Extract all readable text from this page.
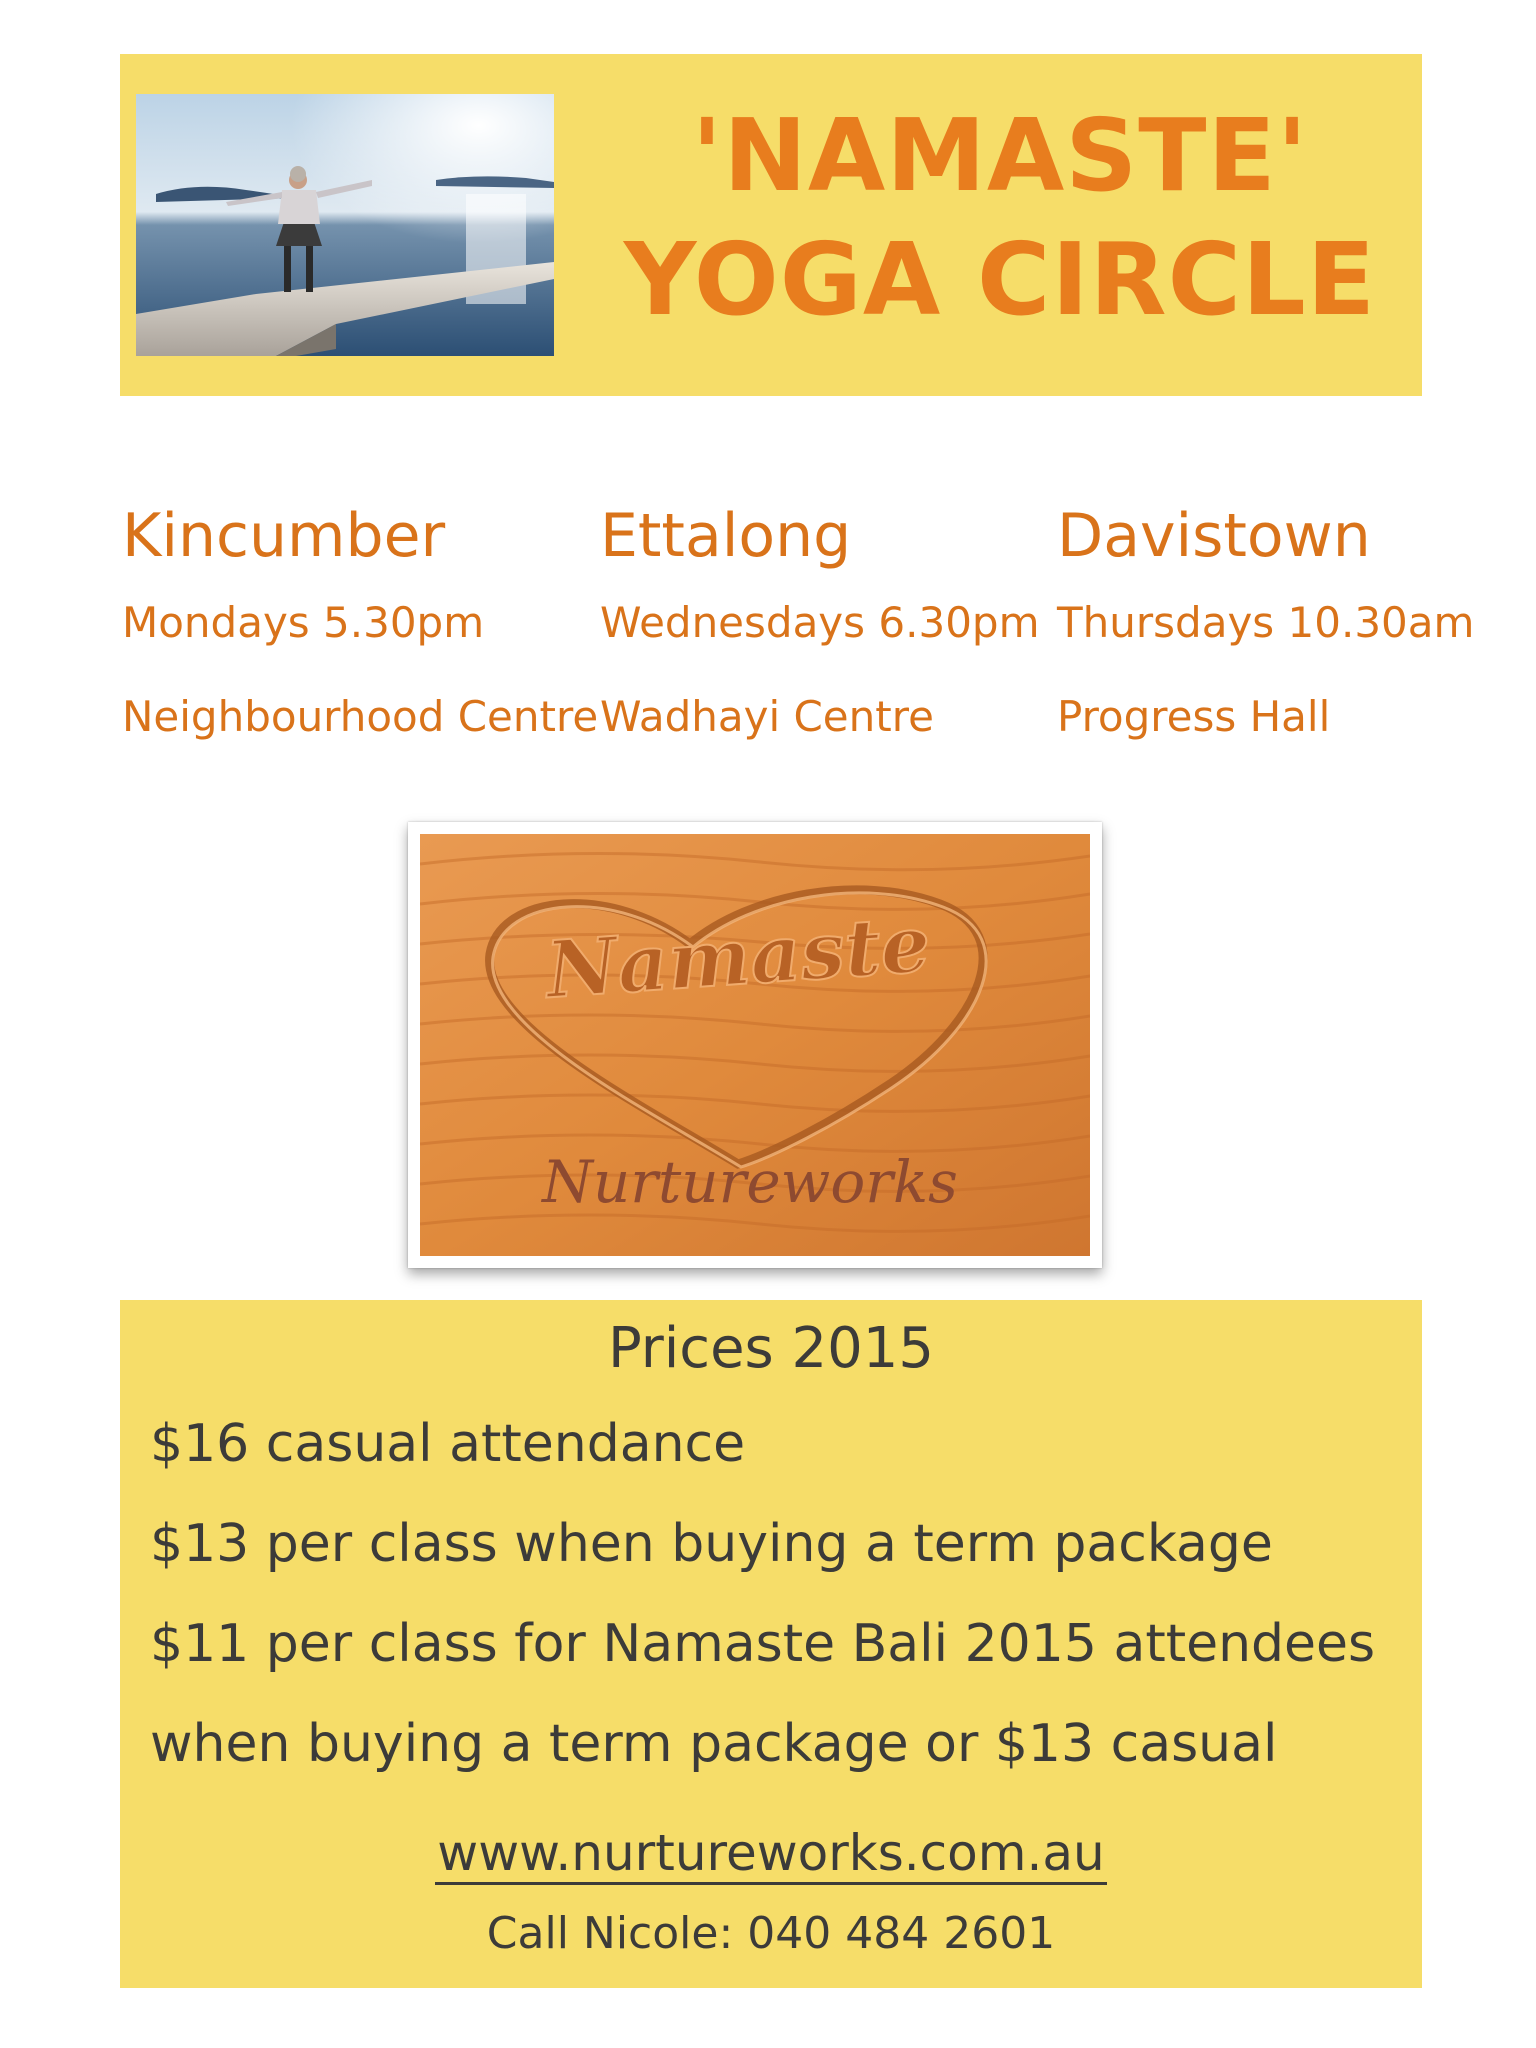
'NAMASTE'
YOGA CIRCLE
Kincumber
Mondays 5.30pm
Neighbourhood Centre
Ettalong
Wednesdays 6.30pm
Wadhayi Centre
Davistown
Thursdays 10.30am
Progress Hall
Namaste
Nurtureworks
Prices 2015
$16 casual attendance
$13 per class when buying a term package
$11 per class for Namaste Bali 2015 attendees
when buying a term package or $13 casual
www.nurtureworks.com.au
Call Nicole: 040 484 2601
